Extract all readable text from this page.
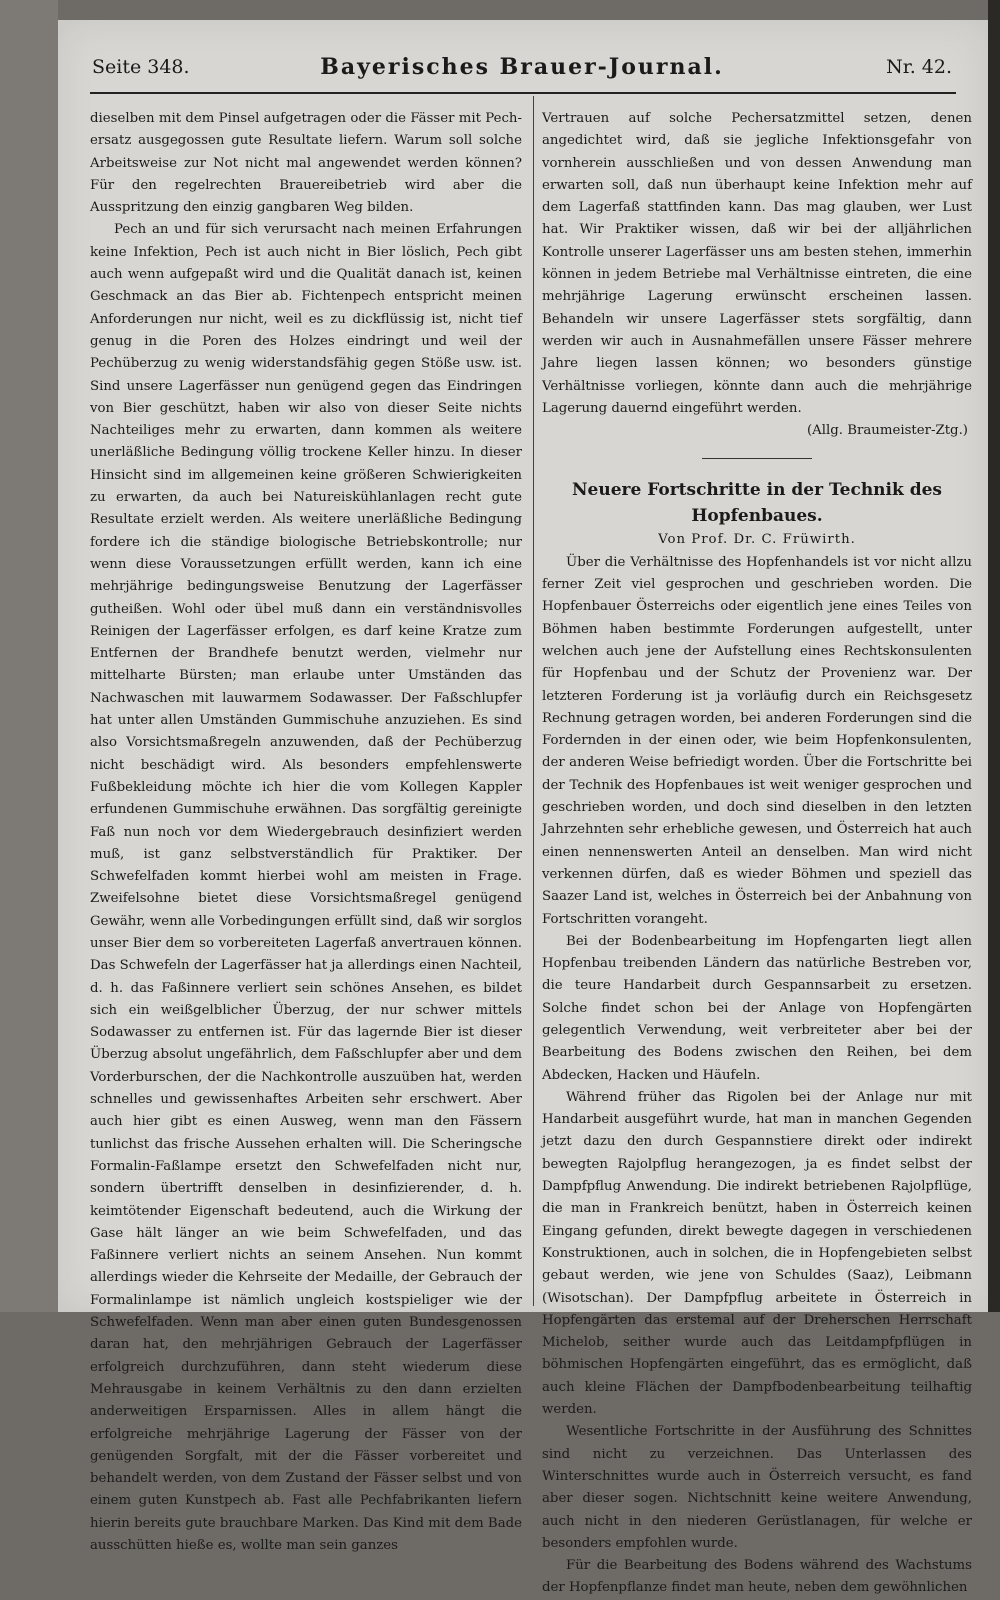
Seite 348.	Bayerisches Brauer-Journal.	Nr. 42.

dieselben mit dem Pinsel aufgetragen oder die Fässer mit Pech-ersatz ausgegossen gute Resultate liefern. Warum soll solche Arbeitsweise zur Not nicht mal angewendet werden können? Für den regelrechten Brauereibetrieb wird aber die Ausspritzung den einzig gangbaren Weg bilden.

Pech an und für sich verursacht nach meinen Erfahrungen keine Infektion, Pech ist auch nicht in Bier löslich, Pech gibt auch wenn aufgepaßt wird und die Qualität danach ist, keinen Geschmack an das Bier ab. Fichtenpech entspricht meinen Anforderungen nur nicht, weil es zu dickflüssig ist, nicht tief genug in die Poren des Holzes eindringt und weil der Pechüberzug zu wenig widerstandsfähig gegen Stöße usw. ist. Sind unsere Lagerfässer nun genügend gegen das Eindringen von Bier geschützt, haben wir also von dieser Seite nichts Nachteiliges mehr zu erwarten, dann kommen als weitere unerläßliche Bedingung völlig trockene Keller hinzu. In dieser Hinsicht sind im allgemeinen keine größeren Schwierigkeiten zu erwarten, da auch bei Natureiskühlanlagen recht gute Resultate erzielt werden. Als weitere unerläßliche Bedingung fordere ich die ständige biologische Betriebskontrolle; nur wenn diese Voraussetzungen erfüllt werden, kann ich eine mehrjährige bedingungsweise Benutzung der Lagerfässer gutheißen. Wohl oder übel muß dann ein verständnisvolles Reinigen der Lagerfässer erfolgen, es darf keine Kratze zum Entfernen der Brandhefe benutzt werden, vielmehr nur mittelharte Bürsten; man erlaube unter Umständen das Nachwaschen mit lauwarmem Sodawasser. Der Faßschlupfer hat unter allen Umständen Gummischuhe anzuziehen. Es sind also Vorsichtsmaßregeln anzuwenden, daß der Pechüberzug nicht beschädigt wird. Als besonders empfehlenswerte Fußbekleidung möchte ich hier die vom Kollegen Kappler erfundenen Gummischuhe erwähnen. Das sorgfältig gereinigte Faß nun noch vor dem Wiedergebrauch desinfiziert werden muß, ist ganz selbstverständlich für Praktiker. Der Schwefelfaden kommt hierbei wohl am meisten in Frage. Zweifelsohne bietet diese Vorsichtsmaßregel genügend Gewähr, wenn alle Vorbedingungen erfüllt sind, daß wir sorglos unser Bier dem so vorbereiteten Lagerfaß anvertrauen können. Das Schwefeln der Lagerfässer hat ja allerdings einen Nachteil, d. h. das Faßinnere verliert sein schönes Ansehen, es bildet sich ein weißgelblicher Überzug, der nur schwer mittels Sodawasser zu entfernen ist. Für das lagernde Bier ist dieser Überzug absolut ungefährlich, dem Faßschlupfer aber und dem Vorderburschen, der die Nachkontrolle auszuüben hat, werden schnelles und gewissenhaftes Arbeiten sehr erschwert. Aber auch hier gibt es einen Ausweg, wenn man den Fässern tunlichst das frische Aussehen erhalten will. Die Scheringsche Formalin-Faßlampe ersetzt den Schwefelfaden nicht nur, sondern übertrifft denselben in desinfizierender, d. h. keimtötender Eigenschaft bedeutend, auch die Wirkung der Gase hält länger an wie beim Schwefelfaden, und das Faßinnere verliert nichts an seinem Ansehen. Nun kommt allerdings wieder die Kehrseite der Medaille, der Gebrauch der Formalinlampe ist nämlich ungleich kostspieliger wie der Schwefelfaden. Wenn man aber einen guten Bundesgenossen daran hat, den mehrjährigen Gebrauch der Lagerfässer erfolgreich durchzuführen, dann steht wiederum diese Mehrausgabe in keinem Verhältnis zu den dann erzielten anderweitigen Ersparnissen. Alles in allem hängt die erfolgreiche mehrjährige Lagerung der Fässer von der genügenden Sorgfalt, mit der die Fässer vorbereitet und behandelt werden, von dem Zustand der Fässer selbst und von einem guten Kunstpech ab. Fast alle Pechfabrikanten liefern hierin bereits gute brauchbare Marken. Das Kind mit dem Bade ausschütten hieße es, wollte man sein ganzes

Vertrauen auf solche Pechersatzmittel setzen, denen angedichtet wird, daß sie jegliche Infektionsgefahr von vornherein ausschließen und von dessen Anwendung man erwarten soll, daß nun überhaupt keine Infektion mehr auf dem Lagerfaß stattfinden kann. Das mag glauben, wer Lust hat. Wir Praktiker wissen, daß wir bei der alljährlichen Kontrolle unserer Lagerfässer uns am besten stehen, immerhin können in jedem Betriebe mal Verhältnisse eintreten, die eine mehrjährige Lagerung erwünscht erscheinen lassen. Behandeln wir unsere Lagerfässer stets sorgfältig, dann werden wir auch in Ausnahmefällen unsere Fässer mehrere Jahre liegen lassen können; wo besonders günstige Verhältnisse vorliegen, könnte dann auch die mehrjährige Lagerung dauernd eingeführt werden.

(Allg. Braumeister-Ztg.)

Neuere Fortschritte in der Technik des Hopfenbaues.

Von Prof. Dr. C. Früwirth.

Über die Verhältnisse des Hopfenhandels ist vor nicht allzu ferner Zeit viel gesprochen und geschrieben worden. Die Hopfenbauer Österreichs oder eigentlich jene eines Teiles von Böhmen haben bestimmte Forderungen aufgestellt, unter welchen auch jene der Aufstellung eines Rechtskonsulenten für Hopfenbau und der Schutz der Provenienz war. Der letzteren Forderung ist ja vorläufig durch ein Reichsgesetz Rechnung getragen worden, bei anderen Forderungen sind die Fordernden in der einen oder, wie beim Hopfenkonsulenten, der anderen Weise befriedigt worden. Über die Fortschritte bei der Technik des Hopfenbaues ist weit weniger gesprochen und geschrieben worden, und doch sind dieselben in den letzten Jahrzehnten sehr erhebliche gewesen, und Österreich hat auch einen nennenswerten Anteil an denselben. Man wird nicht verkennen dürfen, daß es wieder Böhmen und speziell das Saazer Land ist, welches in Österreich bei der Anbahnung von Fortschritten vorangeht.

Bei der Bodenbearbeitung im Hopfengarten liegt allen Hopfenbau treibenden Ländern das natürliche Bestreben vor, die teure Handarbeit durch Gespannsarbeit zu ersetzen. Solche findet schon bei der Anlage von Hopfengärten gelegentlich Verwendung, weit verbreiteter aber bei der Bearbeitung des Bodens zwischen den Reihen, bei dem Abdecken, Hacken und Häufeln.

Während früher das Rigolen bei der Anlage nur mit Handarbeit ausgeführt wurde, hat man in manchen Gegenden jetzt dazu den durch Gespannstiere direkt oder indirekt bewegten Rajolpflug herangezogen, ja es findet selbst der Dampfpflug Anwendung. Die indirekt betriebenen Rajolpflüge, die man in Frankreich benützt, haben in Österreich keinen Eingang gefunden, direkt bewegte dagegen in verschiedenen Konstruktionen, auch in solchen, die in Hopfengebieten selbst gebaut werden, wie jene von Schuldes (Saaz), Leibmann (Wisotschan). Der Dampfpflug arbeitete in Österreich in Hopfengärten das erstemal auf der Dreherschen Herrschaft Michelob, seither wurde auch das Leitdampfpflügen in böhmischen Hopfengärten eingeführt, das es ermöglicht, daß auch kleine Flächen der Dampfbodenbearbeitung teilhaftig werden.

Wesentliche Fortschritte in der Ausführung des Schnittes sind nicht zu verzeichnen. Das Unterlassen des Winterschnittes wurde auch in Österreich versucht, es fand aber dieser sogen. Nichtschnitt keine weitere Anwendung, auch nicht in den niederen Gerüstlanagen, für welche er besonders empfohlen wurde.

Für die Bearbeitung des Bodens während des Wachstums der Hopfenpflanze findet man heute, neben dem gewöhnlichen
